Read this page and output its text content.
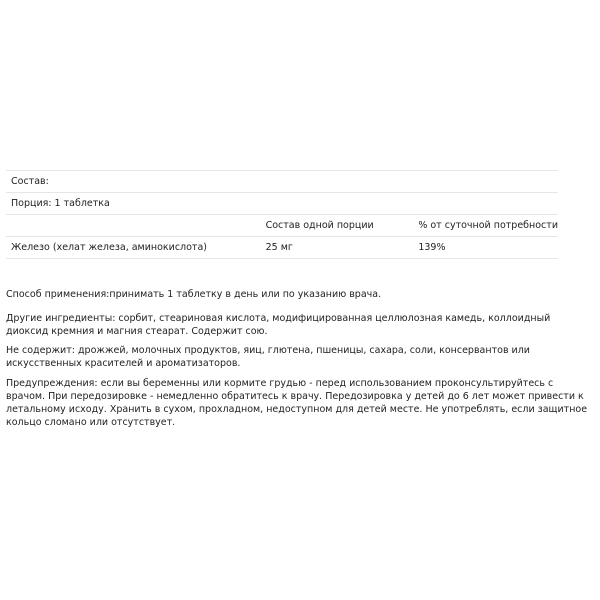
Состав:		
Порция: 1 таблетка		
	Состав одной порции	% от суточной потребности
Железо (хелат железа, аминокислота)	25 мг	139%

Способ применения:принимать 1 таблетку в день или по указанию врача.

Другие ингредиенты: сорбит, стеариновая кислота, модифицированная целлюлозная камедь, коллоидный диоксид кремния и магния стеарат. Содержит сою.

Не содержит: дрожжей, молочных продуктов, яиц, глютена, пшеницы, сахара, соли, консервантов или искусственных красителей и ароматизаторов.

Предупреждения: если вы беременны или кормите грудью - перед использованием проконсультируйтесь с врачом. При передозировке - немедленно обратитесь к врачу. Передозировка у детей до 6 лет может привести к летальному исходу. Хранить в сухом, прохладном, недоступном для детей месте. Не употреблять, если защитное кольцо сломано или отсутствует.
